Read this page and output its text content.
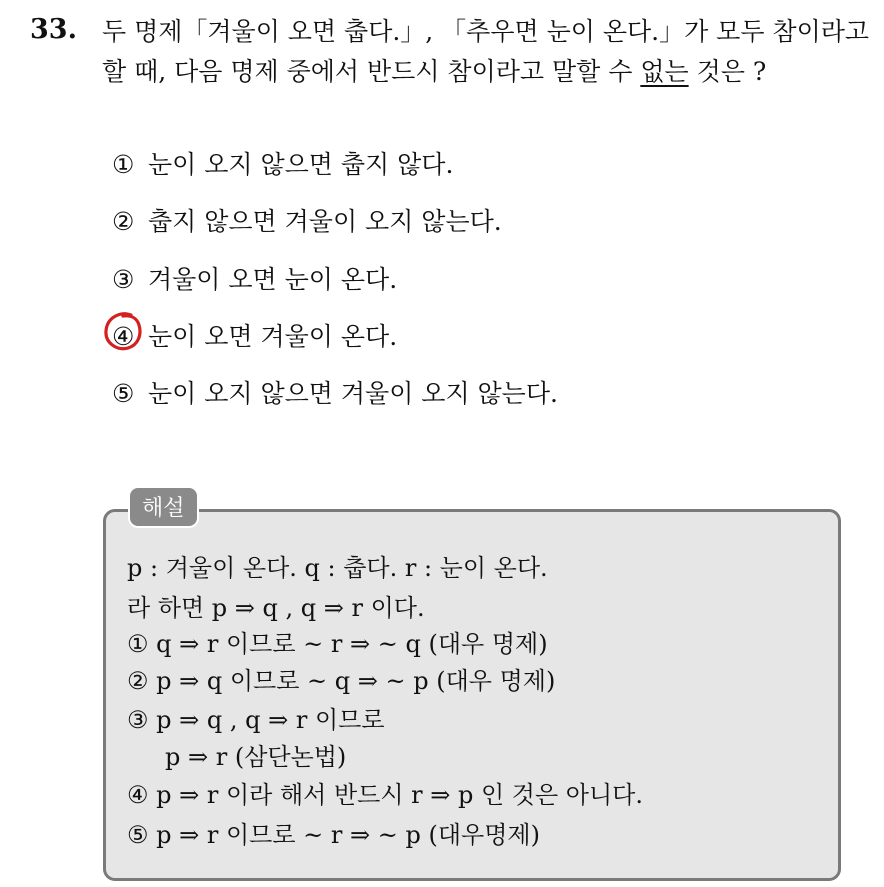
33. 두 명제「겨울이 오면 춥다.」, 「추우면 눈이 온다.」가 모두 참이라고
할 때, 다음 명제 중에서 반드시 참이라고 말할 수 없는 것은 ?
① 눈이 오지 않으면 춥지 않다.
② 춥지 않으면 겨울이 오지 않는다.
③ 겨울이 오면 눈이 온다.
④ 눈이 오면 겨울이 온다.
⑤ 눈이 오지 않으면 겨울이 오지 않는다.
해설
p : 겨울이 온다. q : 춥다. r : 눈이 온다.
라 하면 p ⇒ q , q ⇒ r 이다.
① q ⇒ r 이므로 ~ r ⇒ ~ q (대우 명제)
② p ⇒ q 이므로 ~ q ⇒ ~ p (대우 명제)
③ p ⇒ q , q ⇒ r 이므로
p ⇒ r (삼단논법)
④ p ⇒ r 이라 해서 반드시 r ⇒ p 인 것은 아니다.
⑤ p ⇒ r 이므로 ~ r ⇒ ~ p (대우명제)
